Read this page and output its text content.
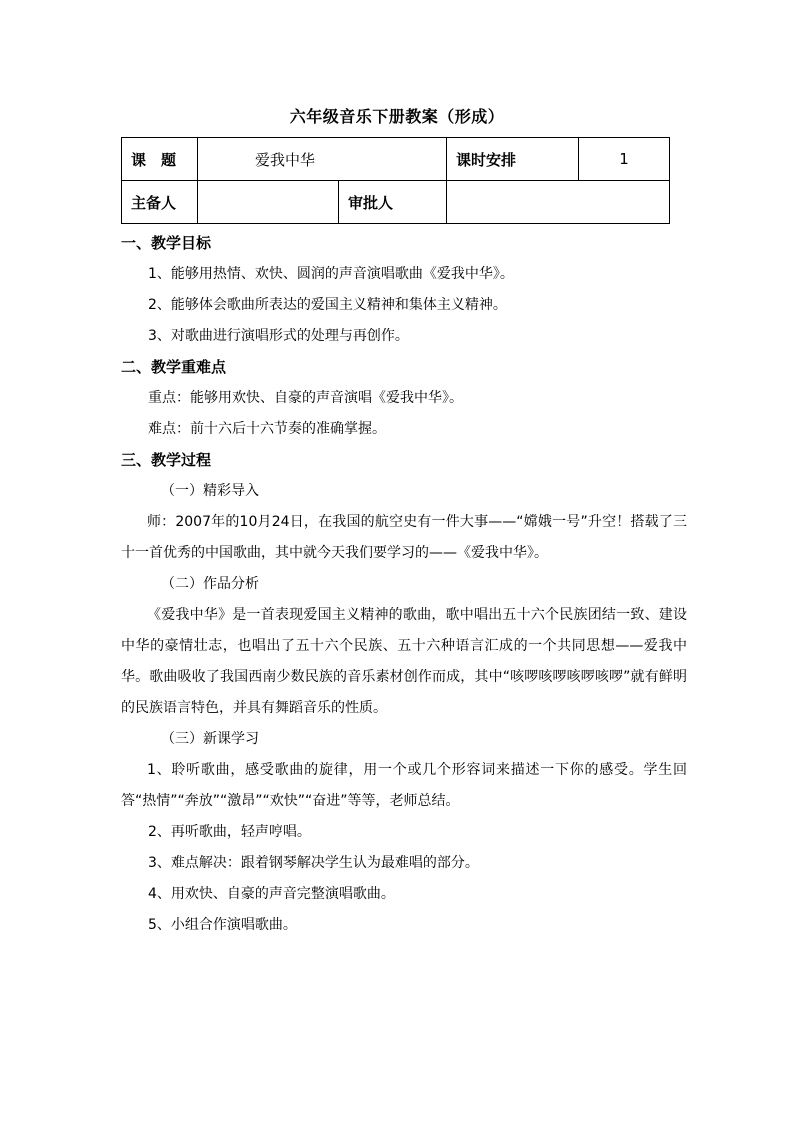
六年级音乐下册教案（形成）
课　题	爱我中华		课时安排	1
主备人		审批人		

一、教学目标

1、能够用热情、欢快、圆润的声音演唱歌曲《爱我中华》。

2、能够体会歌曲所表达的爱国主义精神和集体主义精神。

3、对歌曲进行演唱形式的处理与再创作。

二、教学重难点

重点：能够用欢快、自豪的声音演唱《爱我中华》。

难点：前十六后十六节奏的准确掌握。

三、教学过程

（一）精彩导入

师：2007年的10月24日，在我国的航空史有一件大事——“嫦娥一号”升空！搭载了三十一首优秀的中国歌曲，其中就今天我们要学习的——《爱我中华》。

（二）作品分析

《爱我中华》是一首表现爱国主义精神的歌曲，歌中唱出五十六个民族团结一致、建设中华的豪情壮志，也唱出了五十六个民族、五十六种语言汇成的一个共同思想——爱我中华。歌曲吸收了我国西南少数民族的音乐素材创作而成，其中“咳啰咳啰咳啰咳啰”就有鲜明的民族语言特色，并具有舞蹈音乐的性质。

（三）新课学习

1、聆听歌曲，感受歌曲的旋律，用一个或几个形容词来描述一下你的感受。学生回答“热情”“奔放”“激昂”“欢快”“奋进”等等，老师总结。

2、再听歌曲，轻声哼唱。

3、难点解决：跟着钢琴解决学生认为最难唱的部分。

4、用欢快、自豪的声音完整演唱歌曲。

5、小组合作演唱歌曲。
